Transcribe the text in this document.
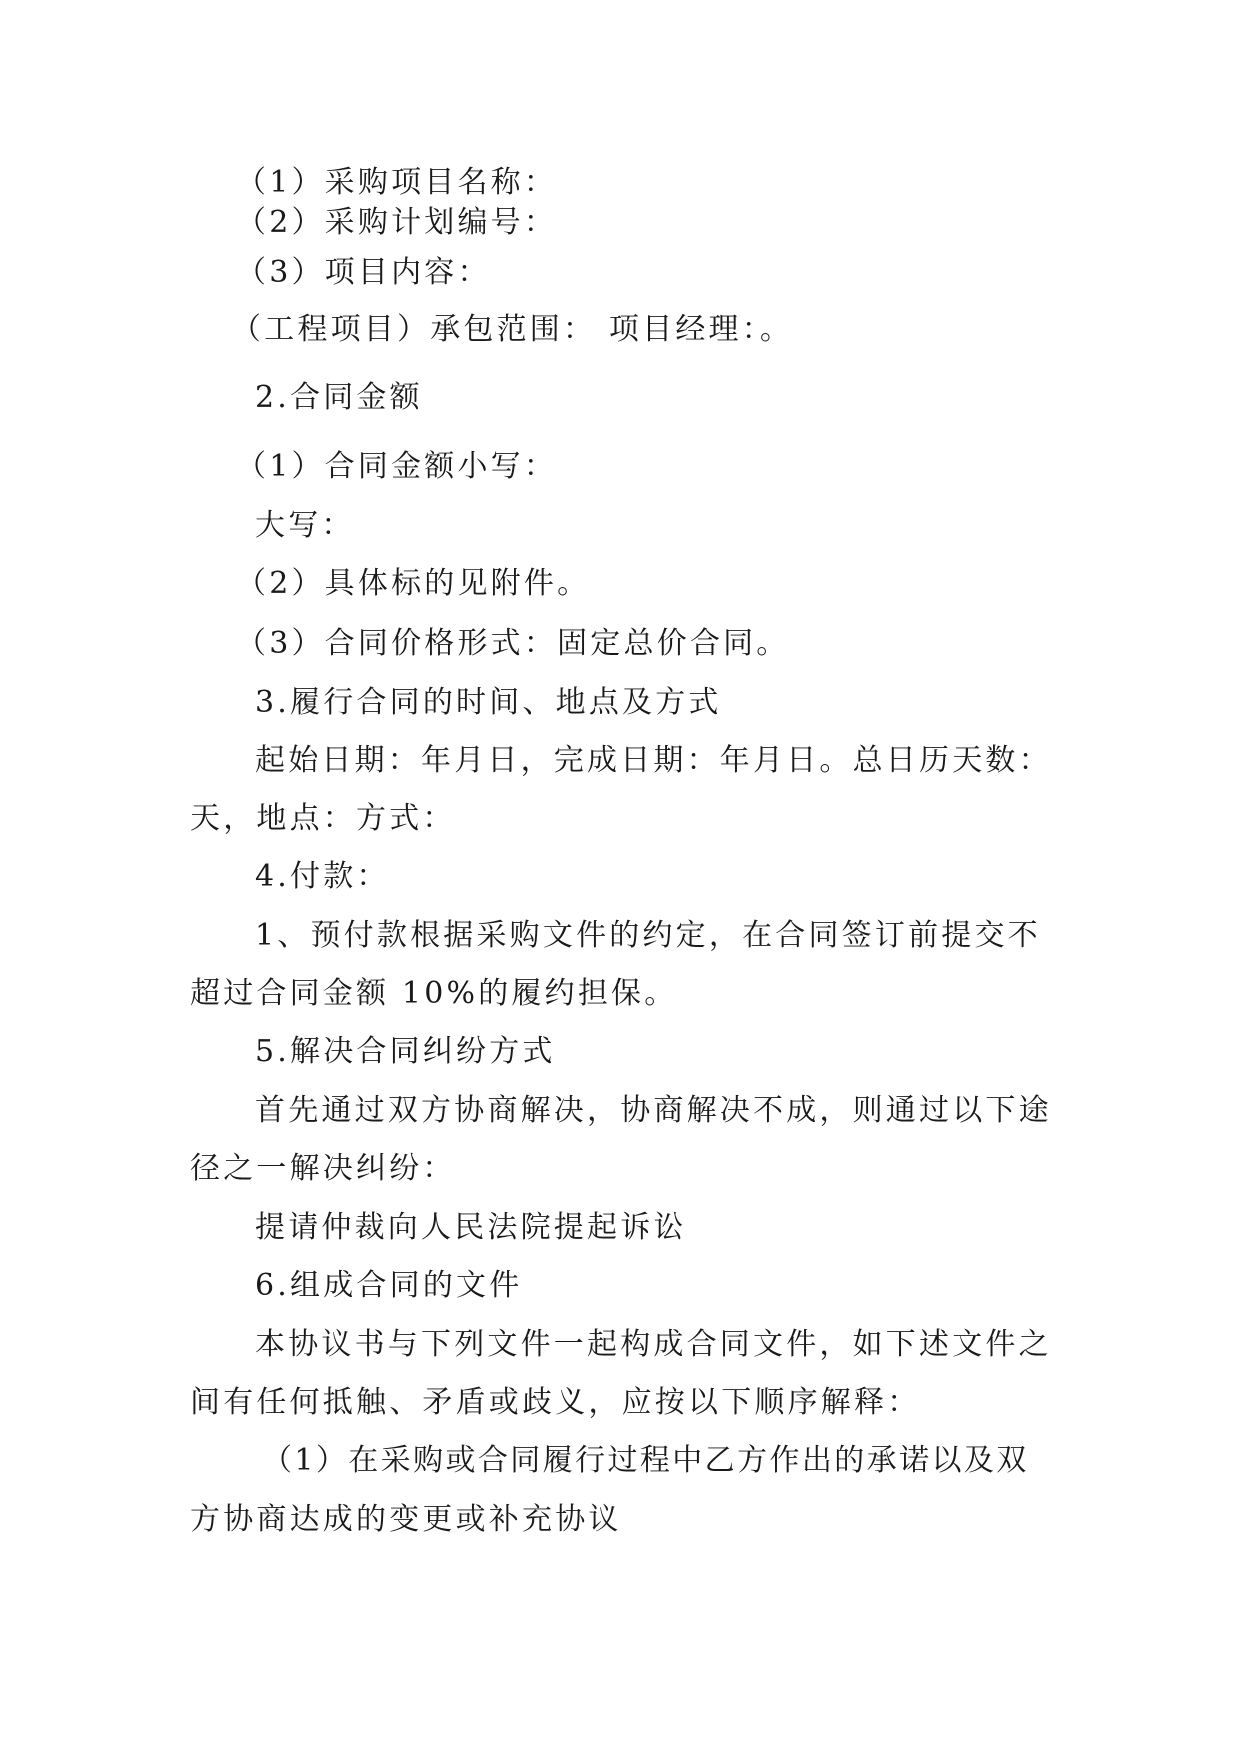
（1）采购项目名称：
（2）采购计划编号：
（3）项目内容：
（工程项目）承包范围： 项目经理：。
2.合同金额
（1）合同金额小写：
大写：
（2）具体标的见附件。
（3）合同价格形式：固定总价合同。
3.履行合同的时间、地点及方式
起始日期：年月日，完成日期：年月日。总日历天数：
天，地点：方式：
4.付款：
1、预付款根据采购文件的约定，在合同签订前提交不
超过合同金额 10%的履约担保。
5.解决合同纠纷方式
首先通过双方协商解决，协商解决不成，则通过以下途
径之一解决纠纷：
提请仲裁向人民法院提起诉讼
6.组成合同的文件
本协议书与下列文件一起构成合同文件，如下述文件之
间有任何抵触、矛盾或歧义，应按以下顺序解释：
（1）在采购或合同履行过程中乙方作出的承诺以及双
方协商达成的变更或补充协议
